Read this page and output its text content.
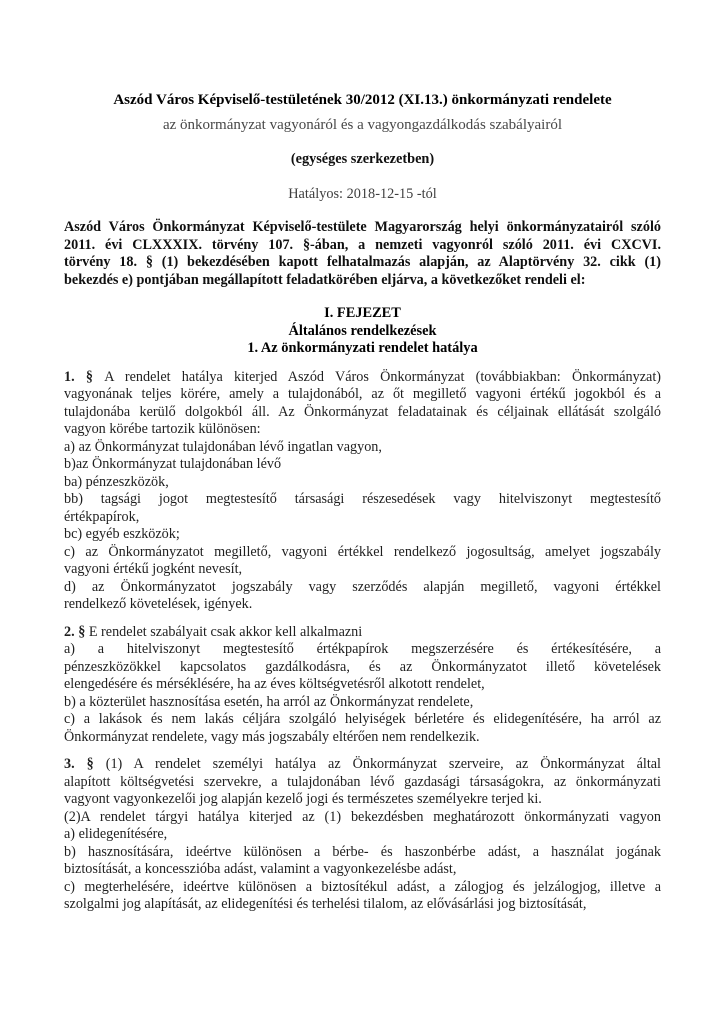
Aszód Város Képviselő-testületének 30/2012 (XI.13.) önkormányzati rendelete
az önkormányzat vagyonáról és a vagyongazdálkodás szabályairól
(egységes szerkezetben)
Hatályos: 2018-12-15 -tól
Aszód Város Önkormányzat Képviselő-testülete Magyarország helyi önkormányzatairól szóló
2011. évi CLXXXIX. törvény 107. §-ában, a nemzeti vagyonról szóló 2011. évi CXCVI.
törvény 18. § (1) bekezdésében kapott felhatalmazás alapján, az Alaptörvény 32. cikk (1)
bekezdés e) pontjában megállapított feladatkörében eljárva, a következőket rendeli el:
I. FEJEZET
Általános rendelkezések
1. Az önkormányzati rendelet hatálya
1. § A rendelet hatálya kiterjed Aszód Város Önkormányzat (továbbiakban: Önkormányzat)
vagyonának teljes körére, amely a tulajdonából, az őt megillető vagyoni értékű jogokból és a
tulajdonába kerülő dolgokból áll. Az Önkormányzat feladatainak és céljainak ellátását szolgáló
vagyon körébe tartozik különösen:
a) az Önkormányzat tulajdonában lévő ingatlan vagyon,
b)az Önkormányzat tulajdonában lévő
ba) pénzeszközök,
bb) tagsági jogot megtestesítő társasági részesedések vagy hitelviszonyt megtestesítő
értékpapírok,
bc) egyéb eszközök;
c) az Önkormányzatot megillető, vagyoni értékkel rendelkező jogosultság, amelyet jogszabály
vagyoni értékű jogként nevesít,
d) az Önkormányzatot jogszabály vagy szerződés alapján megillető, vagyoni értékkel
rendelkező követelések, igények.
2. § E rendelet szabályait csak akkor kell alkalmazni
a) a hitelviszonyt megtestesítő értékpapírok megszerzésére és értékesítésére, a
pénzeszközökkel kapcsolatos gazdálkodásra, és az Önkormányzatot illető követelések
elengedésére és mérséklésére, ha az éves költségvetésről alkotott rendelet,
b) a közterület hasznosítása esetén, ha arról az Önkormányzat rendelete,
c) a lakások és nem lakás céljára szolgáló helyiségek bérletére és elidegenítésére, ha arról az
Önkormányzat rendelete, vagy más jogszabály eltérően nem rendelkezik.
3. § (1) A rendelet személyi hatálya az Önkormányzat szerveire, az Önkormányzat által
alapított költségvetési szervekre, a tulajdonában lévő gazdasági társaságokra, az önkormányzati
vagyont vagyonkezelői jog alapján kezelő jogi és természetes személyekre terjed ki.
(2)A rendelet tárgyi hatálya kiterjed az (1) bekezdésben meghatározott önkormányzati vagyon
a) elidegenítésére,
b) hasznosítására, ideértve különösen a bérbe- és haszonbérbe adást, a használat jogának
biztosítását, a koncesszióba adást, valamint a vagyonkezelésbe adást,
c) megterhelésére, ideértve különösen a biztosítékul adást, a zálogjog és jelzálogjog, illetve a
szolgalmi jog alapítását, az elidegenítési és terhelési tilalom, az elővásárlási jog biztosítását,
